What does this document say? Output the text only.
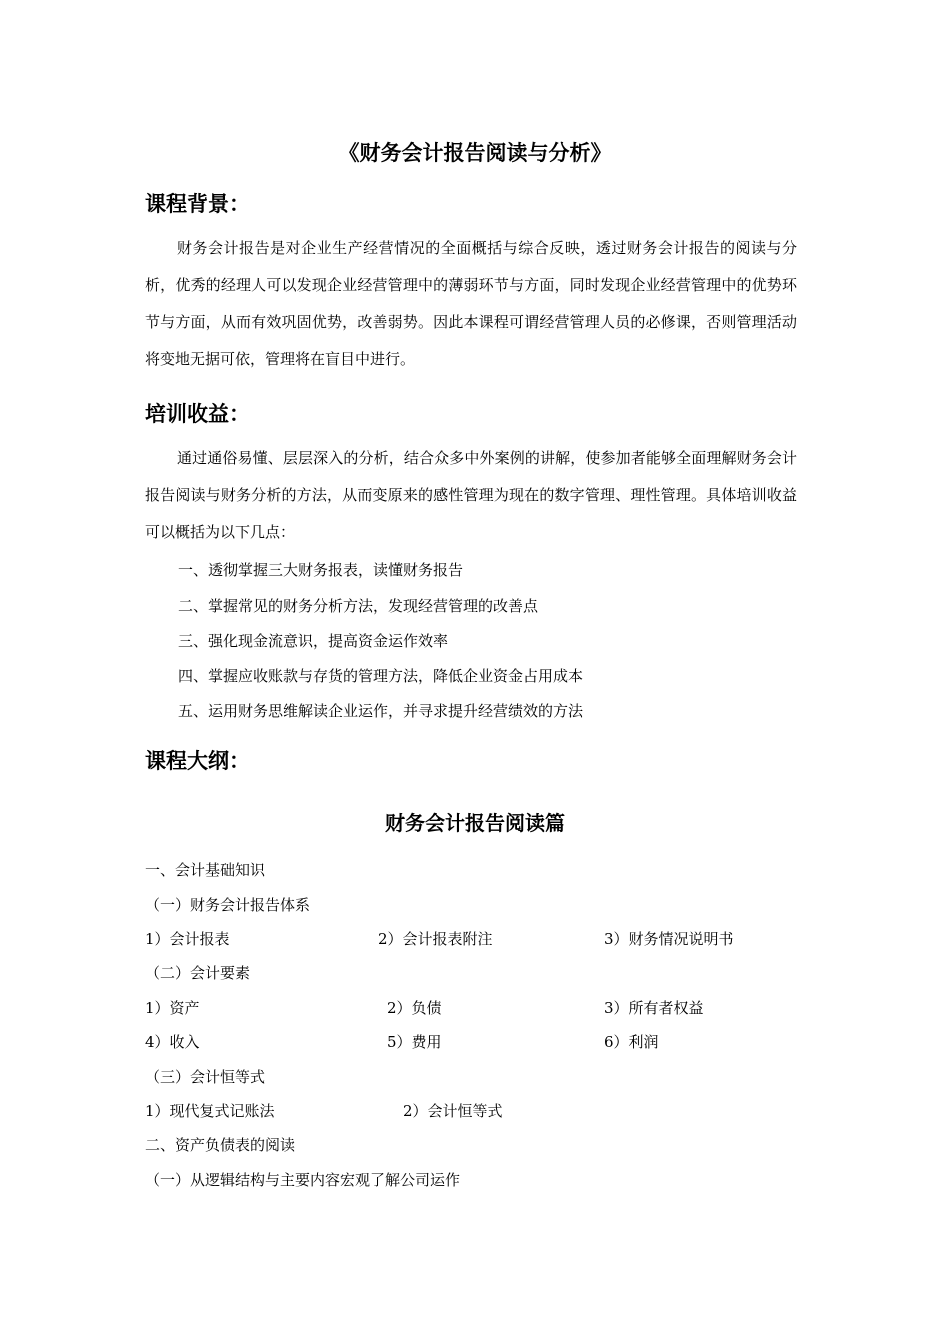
《财务会计报告阅读与分析》
课程背景：

财务会计报告是对企业生产经营情况的全面概括与综合反映，透过财务会计报告的阅读与分析，优秀的经理人可以发现企业经营管理中的薄弱环节与方面，同时发现企业经营管理中的优势环节与方面，从而有效巩固优势，改善弱势。因此本课程可谓经营管理人员的必修课，否则管理活动将变地无据可依，管理将在盲目中进行。

培训收益：

通过通俗易懂、层层深入的分析，结合众多中外案例的讲解，使参加者能够全面理解财务会计报告阅读与财务分析的方法，从而变原来的感性管理为现在的数字管理、理性管理。具体培训收益可以概括为以下几点：

一、透彻掌握三大财务报表，读懂财务报告
二、掌握常见的财务分析方法，发现经营管理的改善点
三、强化现金流意识，提高资金运作效率
四、掌握应收账款与存货的管理方法，降低企业资金占用成本
五、运用财务思维解读企业运作，并寻求提升经营绩效的方法
课程大纲：
财务会计报告阅读篇
一、会计基础知识
（一）财务会计报告体系
1）会计报表	2）会计报表附注	3）财务情况说明书
（二）会计要素
1）资产	2）负债	3）所有者权益
4）收入	5）费用	6）利润
（三）会计恒等式
1）现代复式记账法	2）会计恒等式
二、资产负债表的阅读
（一）从逻辑结构与主要内容宏观了解公司运作
